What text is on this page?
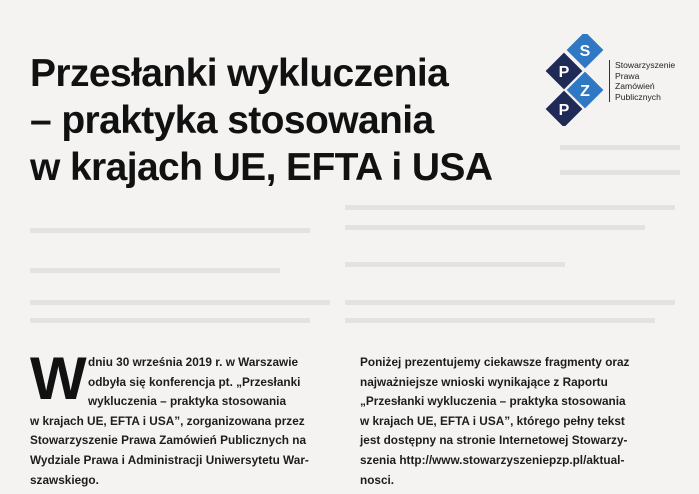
Przesłanki wykluczenia
– praktyka stosowania
w krajach UE, EFTA i USA
S
P
Z
P
Stowarzyszenie
Prawa
Zamówień
Publicznych
W dniu 30 września 2019 r. w Warszawie
odbyła się konferencja pt. „Przesłanki
wykluczenia – praktyka stosowania
w krajach UE, EFTA i USA”, zorganizowana przez
Stowarzyszenie Prawa Zamówień Publicznych na
Wydziale Prawa i Administracji Uniwersytetu War-
szawskiego.
Poniżej prezentujemy ciekawsze fragmenty oraz
najważniejsze wnioski wynikające z Raportu
„Przesłanki wykluczenia – praktyka stosowania
w krajach UE, EFTA i USA”, którego pełny tekst
jest dostępny na stronie Internetowej Stowarzy-
szenia http://www.stowarzyszeniepzp.pl/aktual-
nosci.
